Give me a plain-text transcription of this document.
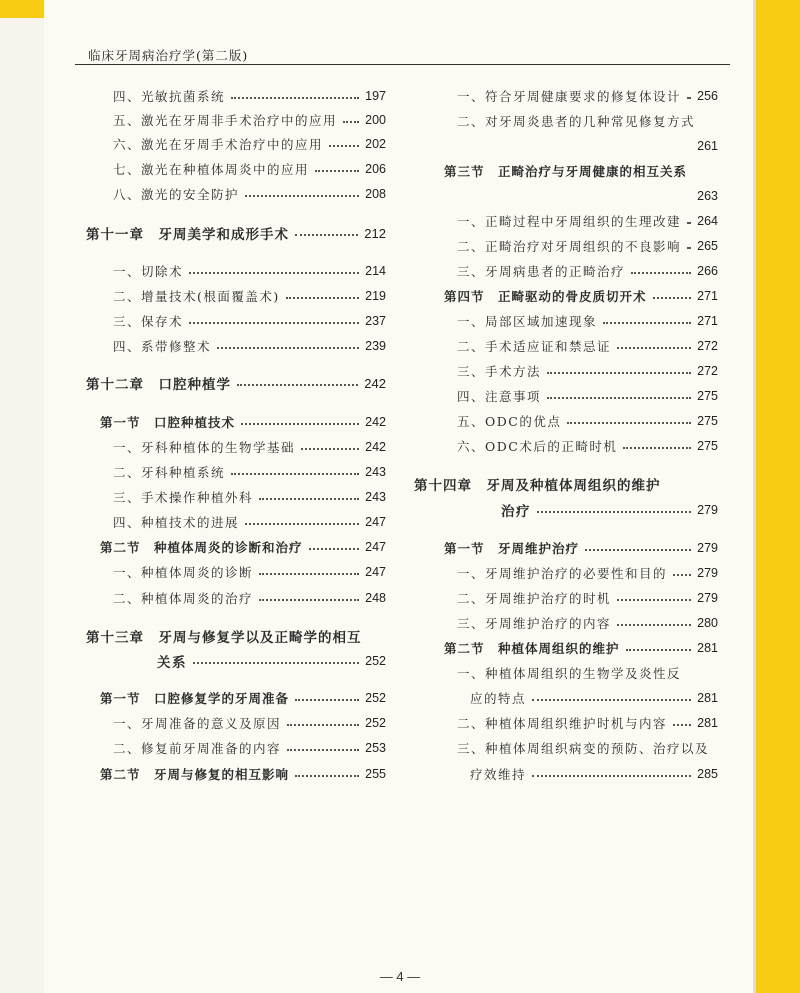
临床牙周病治疗学(第二版)
四、光敏抗菌系统	197
五、激光在牙周非手术治疗中的应用 200
六、激光在牙周手术治疗中的应用	202
七、激光在种植体周炎中的应用	206
八、激光的安全防护	208
第十一章　牙周美学和成形手术	212
一、切除术	214
二、增量技术(根面覆盖术)	219
三、保存术	237
四、系带修整术	239
第十二章　口腔种植学	242
第一节　口腔种植技术	242
一、牙科种植体的生物学基础	242
二、牙科种植系统	243
三、手术操作种植外科	243
四、种植技术的进展	247
第二节　种植体周炎的诊断和治疗	247
一、种植体周炎的诊断	247
二、种植体周炎的治疗	248
第十三章　牙周与修复学以及正畸学的相互
关系	252
第一节　口腔修复学的牙周准备	252
一、牙周准备的意义及原因	252
二、修复前牙周准备的内容	253
第二节　牙周与修复的相互影响	255
一、符合牙周健康要求的修复体设计 256
二、对牙周炎患者的几种常见修复方式
261
第三节　正畸治疗与牙周健康的相互关系
263
一、正畸过程中牙周组织的生理改建 264
二、正畸治疗对牙周组织的不良影响 265
三、牙周病患者的正畸治疗	266
第四节　正畸驱动的骨皮质切开术	271
一、局部区域加速现象	271
二、手术适应证和禁忌证	272
三、手术方法	272
四、注意事项	275
五、ODC的优点	275
六、ODC术后的正畸时机	275
第十四章　牙周及种植体周组织的维护
治疗	279
第一节　牙周维护治疗	279
一、牙周维护治疗的必要性和目的 279
二、牙周维护治疗的时机	279
三、牙周维护治疗的内容	280
第二节　种植体周组织的维护	281
一、种植体周组织的生物学及炎性反
应的特点	281
二、种植体周组织维护时机与内容 281
三、种植体周组织病变的预防、治疗以及
疗效维持	285
— 4 —
